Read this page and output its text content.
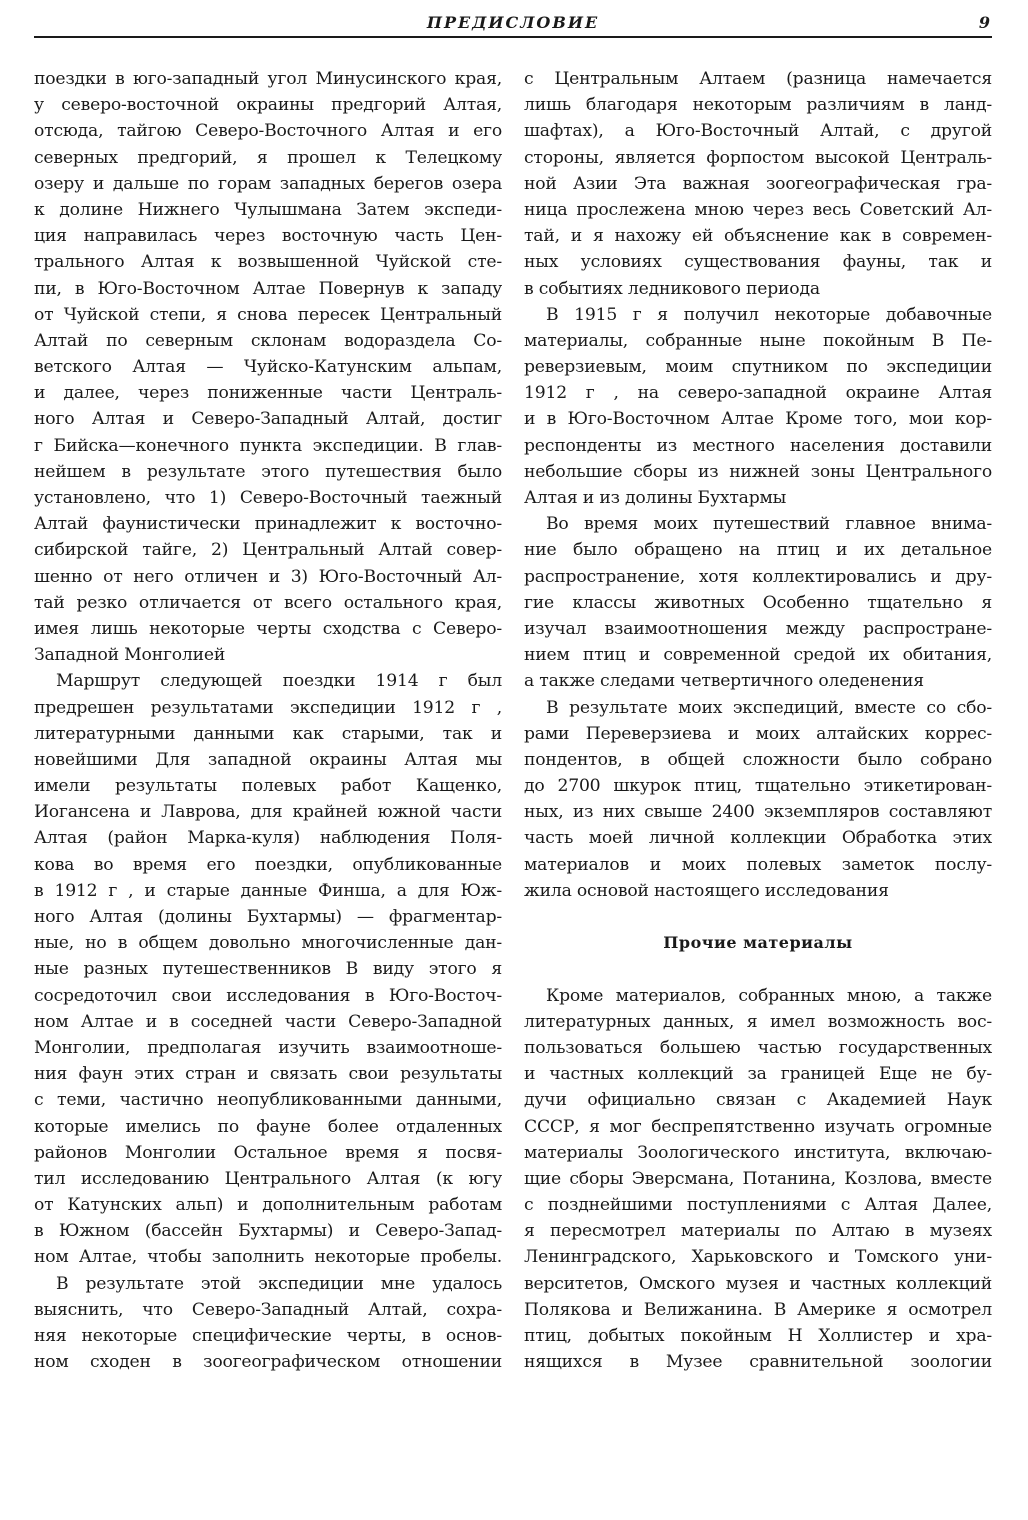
ПРЕДИСЛОВИЕ	9
поездки в юго-западный угол Минусинского края,
у северо-восточной окраины предгорий Алтая,
отсюда, тайгою Северо-Восточного Алтая и его
северных предгорий, я прошел к Телецкому
озеру и дальше по горам западных берегов озера
к долине Нижнего Чулышмана Затем экспеди-
ция направилась через восточную часть Цен-
трального Алтая к возвышенной Чуйской сте-
пи, в Юго-Восточном Алтае Повернув к западу
от Чуйской степи, я снова пересек Центральный
Алтай по северным склонам водораздела Со-
ветского Алтая — Чуйско-Катунским альпам,
и далее, через пониженные части Централь-
ного Алтая и Северо-Западный Алтай, достиг
г Бийска—конечного пункта экспедиции. В глав-
нейшем в результате этого путешествия было
установлено, что 1) Северо-Восточный таежный
Алтай фаунистически принадлежит к восточно-
сибирской тайге, 2) Центральный Алтай совер-
шенно от него отличен и 3) Юго-Восточный Ал-
тай резко отличается от всего остального края,
имея лишь некоторые черты сходства с Северо-
Западной Монголией
Маршрут следующей поездки 1914 г был
предрешен результатами экспедиции 1912 г ,
литературными данными как старыми, так и
новейшими Для западной окраины Алтая мы
имели результаты полевых работ Кащенко,
Иогансена и Лаврова, для крайней южной части
Алтая (район Марка-куля) наблюдения Поля-
кова во время его поездки, опубликованные
в 1912 г , и старые данные Финша, а для Юж-
ного Алтая (долины Бухтармы) — фрагментар-
ные, но в общем довольно многочисленные дан-
ные разных путешественников В виду этого я
сосредоточил свои исследования в Юго-Восточ-
ном Алтае и в соседней части Северо-Западной
Монголии, предполагая изучить взаимоотноше-
ния фаун этих стран и связать свои результаты
с теми, частично неопубликованными данными,
которые имелись по фауне более отдаленных
районов Монголии Остальное время я посвя-
тил исследованию Центрального Алтая (к югу
от Катунских альп) и дополнительным работам
в Южном (бассейн Бухтармы) и Северо-Запад-
ном Алтае, чтобы заполнить некоторые пробелы.
В результате этой экспедиции мне удалось
выяснить, что Северо-Западный Алтай, сохра-
няя некоторые специфические черты, в основ-
ном сходен в зоогеографическом отношении
с Центральным Алтаем (разница намечается
лишь благодаря некоторым различиям в ланд-
шафтах), а Юго-Восточный Алтай, с другой
стороны, является форпостом высокой Централь-
ной Азии Эта важная зоогеографическая гра-
ница прослежена мною через весь Советский Ал-
тай, и я нахожу ей объяснение как в современ-
ных условиях существования фауны, так и
в событиях ледникового периода
В 1915 г я получил некоторые добавочные
материалы, собранные ныне покойным В Пе-
реверзиевым, моим спутником по экспедиции
1912 г , на северо-западной окраине Алтая
и в Юго-Восточном Алтае Кроме того, мои кор-
респонденты из местного населения доставили
небольшие сборы из нижней зоны Центрального
Алтая и из долины Бухтармы
Во время моих путешествий главное внима-
ние было обращено на птиц и их детальное
распространение, хотя коллектировались и дру-
гие классы животных Особенно тщательно я
изучал взаимоотношения между распростране-
нием птиц и современной средой их обитания,
а также следами четвертичного оледенения
В результате моих экспедиций, вместе со сбо-
рами Переверзиева и моих алтайских коррес-
пондентов, в общей сложности было собрано
до 2700 шкурок птиц, тщательно этикетирован-
ных, из них свыше 2400 экземпляров составляют
часть моей личной коллекции Обработка этих
материалов и моих полевых заметок послу-
жила основой настоящего исследования
Прочие материалы
Кроме материалов, собранных мною, а также
литературных данных, я имел возможность вос-
пользоваться большею частью государственных
и частных коллекций за границей Еще не бу-
дучи официально связан с Академией Наук
СССР, я мог беспрепятственно изучать огромные
материалы Зоологического института, включаю-
щие сборы Эверсмана, Потанина, Козлова, вместе
с позднейшими поступлениями с Алтая Далее,
я пересмотрел материалы по Алтаю в музеях
Ленинградского, Харьковского и Томского уни-
верситетов, Омского музея и частных коллекций
Полякова и Велижанина. В Америке я осмотрел
птиц, добытых покойным Н Холлистер и хра-
нящихся в Музее сравнительной зоологии
